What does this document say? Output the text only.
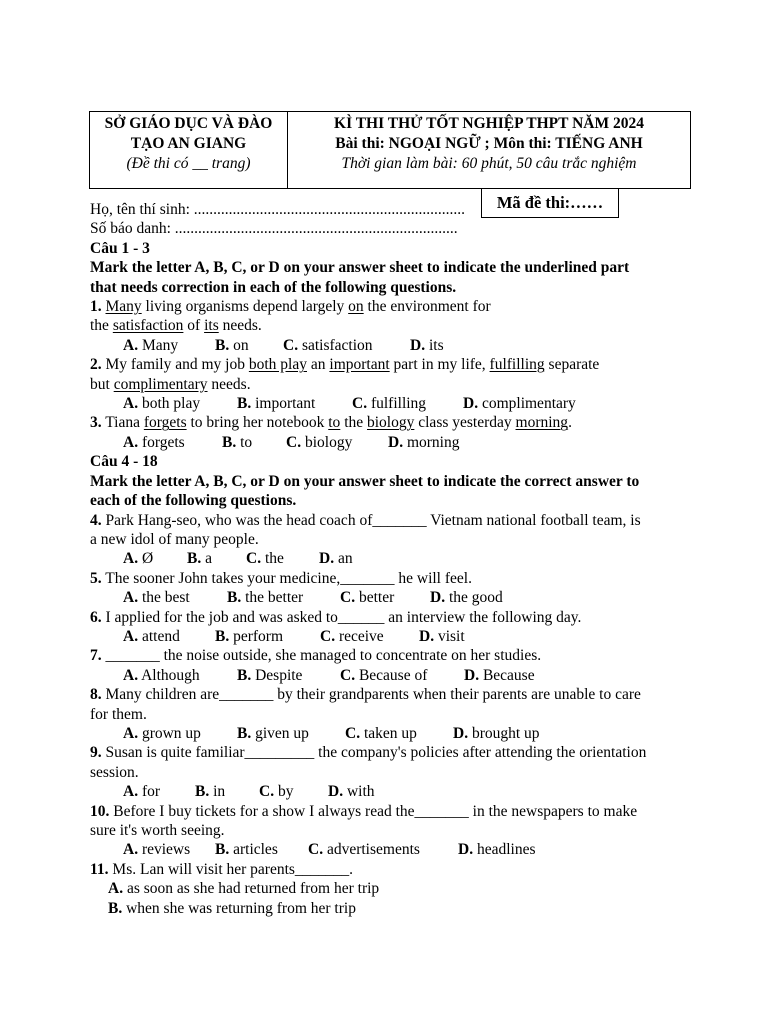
SỞ GIÁO DỤC VÀ ĐÀO
TẠO AN GIANG
(Đề thi có __ trang)
KÌ THI THỬ TỐT NGHIỆP THPT NĂM 2024
Bài thi: NGOẠI NGỮ ; Môn thi: TIẾNG ANH
Thời gian làm bài: 60 phút, 50 câu trắc nghiệm
Mã đề thi:……
Họ, tên thí sinh: ......................................................................
Số báo danh: .........................................................................
Câu 1 - 3
Mark the letter A, B, C, or D on your answer sheet to indicate the underlined part
that needs correction in each of the following questions.
1. Many living organisms depend largely on the environment for
the satisfaction of its needs.
A. Many B. on C. satisfaction D. its
2. My family and my job both play an important part in my life, fulfilling separate
but complimentary needs.
A. both play B. important C. fulfilling D. complimentary
3. Tiana forgets to bring her notebook to the biology class yesterday morning.
A. forgets B. to C. biology D. morning
Câu 4 - 18
Mark the letter A, B, C, or D on your answer sheet to indicate the correct answer to
each of the following questions.
4. Park Hang-seo, who was the head coach of_______ Vietnam national football team, is
a new idol of many people.
A. Ø B. a C. the D. an
5. The sooner John takes your medicine,_______ he will feel.
A. the best B. the better C. better D. the good
6. I applied for the job and was asked to______ an interview the following day.
A. attend B. perform C. receive D. visit
7. _______ the noise outside, she managed to concentrate on her studies.
A. Although B. Despite C. Because of D. Because
8. Many children are_______ by their grandparents when their parents are unable to care
for them.
A. grown up B. given up C. taken up D. brought up
9. Susan is quite familiar_________ the company's policies after attending the orientation
session.
A. for B. in C. by D. with
10. Before I buy tickets for a show I always read the_______ in the newspapers to make
sure it's worth seeing.
A. reviews B. articles C. advertisements D. headlines
11. Ms. Lan will visit her parents_______.
A. as soon as she had returned from her trip
B. when she was returning from her trip
